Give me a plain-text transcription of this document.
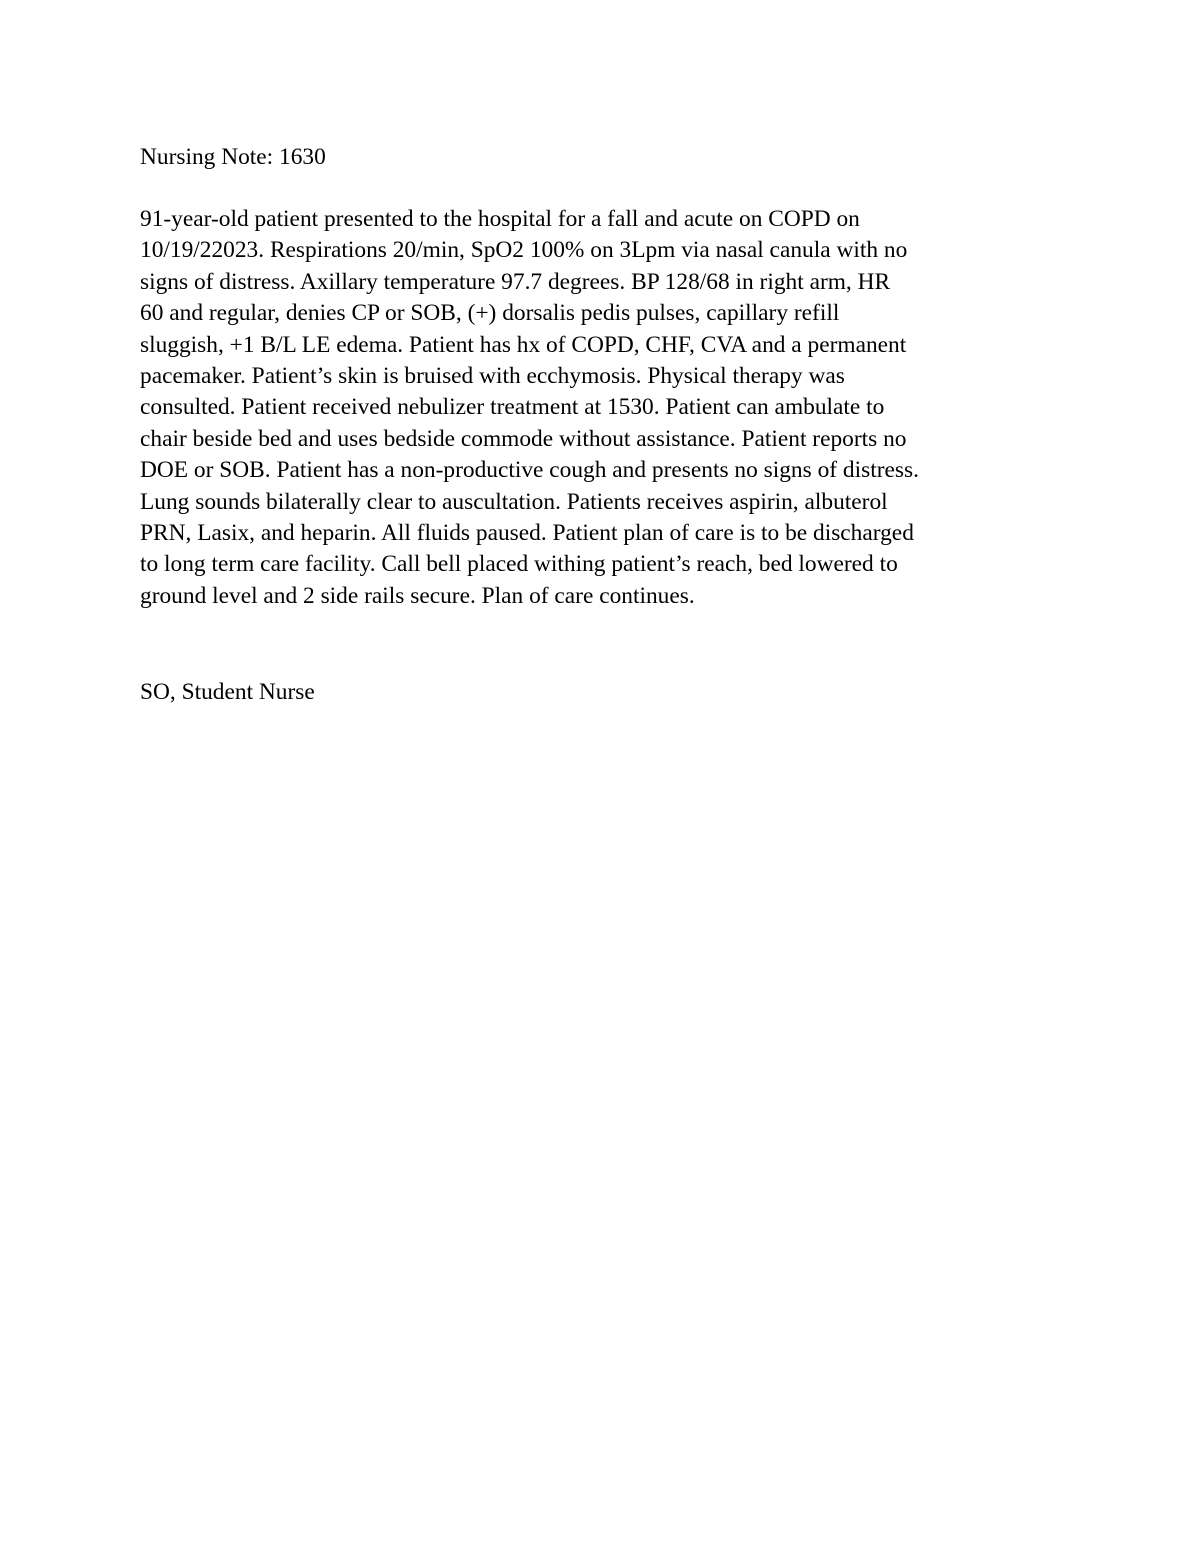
Nursing Note: 1630

91-year-old patient presented to the hospital for a fall and acute on COPD on
10/19/22023. Respirations 20/min, SpO2 100% on 3Lpm via nasal canula with no
signs of distress. Axillary temperature 97.7 degrees. BP 128/68 in right arm, HR
60 and regular, denies CP or SOB, (+) dorsalis pedis pulses, capillary refill
sluggish, +1 B/L LE edema. Patient has hx of COPD, CHF, CVA and a permanent
pacemaker. Patient’s skin is bruised with ecchymosis. Physical therapy was
consulted. Patient received nebulizer treatment at 1530. Patient can ambulate to
chair beside bed and uses bedside commode without assistance. Patient reports no
DOE or SOB. Patient has a non-productive cough and presents no signs of distress.
Lung sounds bilaterally clear to auscultation. Patients receives aspirin, albuterol
PRN, Lasix, and heparin. All fluids paused. Patient plan of care is to be discharged
to long term care facility. Call bell placed withing patient’s reach, bed lowered to
ground level and 2 side rails secure. Plan of care continues.

SO, Student Nurse
